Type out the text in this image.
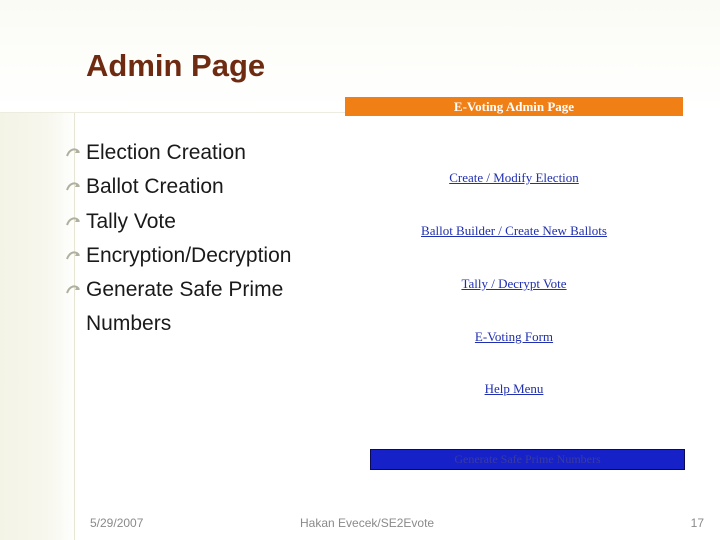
Admin Page
Election Creation
Ballot Creation
Tally Vote
Encryption/Decryption
Generate Safe Prime Numbers
E-Voting Admin Page
Create / Modify Election
Ballot Builder / Create New Ballots
Tally / Decrypt Vote
E-Voting Form
Help Menu
Generate Safe Prime Numbers
5/29/2007	Hakan Evecek/SE2Evote	17
